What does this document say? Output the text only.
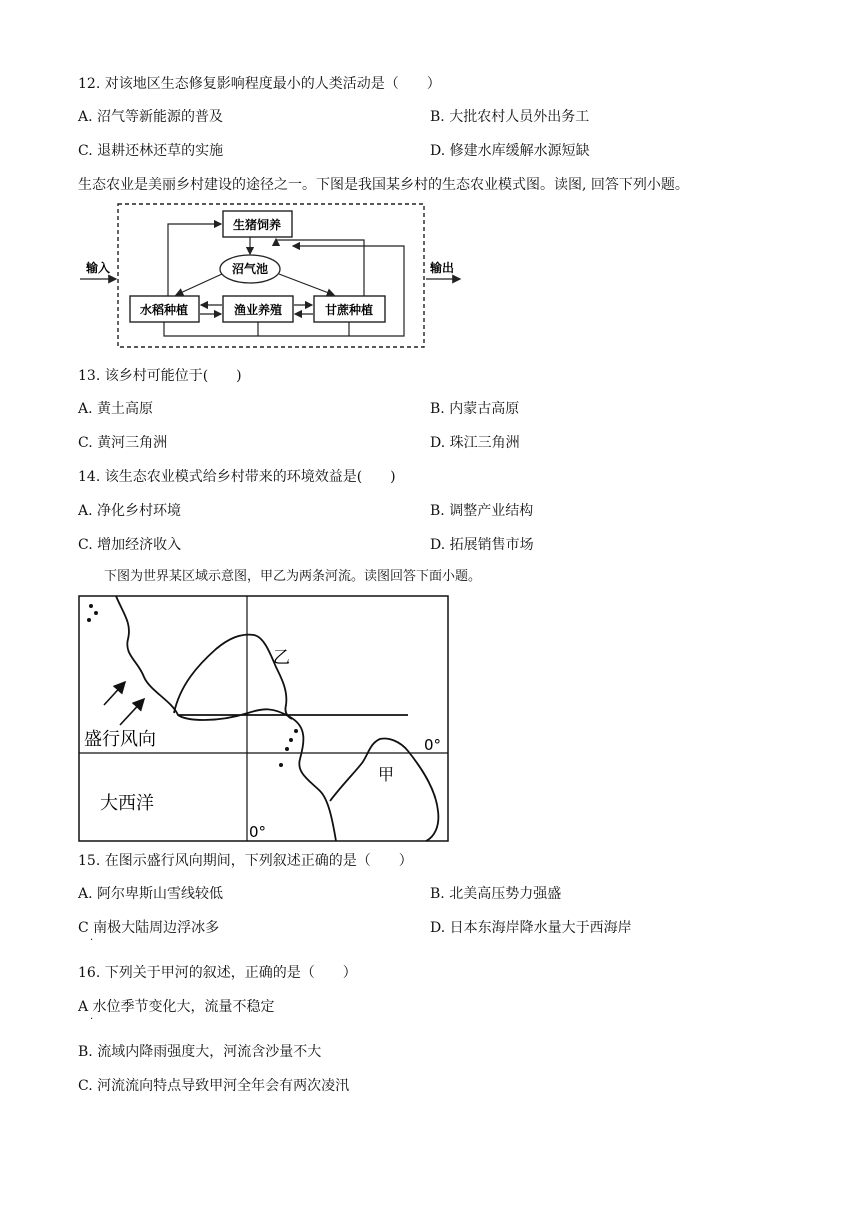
12. 对该地区生态修复影响程度最小的人类活动是（　　）
A. 沼气等新能源的普及	B. 大批农村人员外出务工
C. 退耕还林还草的实施	D. 修建水库缓解水源短缺
生态农业是美丽乡村建设的途径之一。下图是我国某乡村的生态农业模式图。读图, 回答下列小题。
输入	输出
生猪饲养
沼气池
水稻种植	渔业养殖	甘蔗种植
13. 该乡村可能位于(　　)
A. 黄土高原	B. 内蒙古高原
C. 黄河三角洲	D. 珠江三角洲
14. 该生态农业模式给乡村带来的环境效益是(　　)
A. 净化乡村环境	B. 调整产业结构
C. 增加经济收入	D. 拓展销售市场
下图为世界某区域示意图，甲乙为两条河流。读图回答下面小题。
乙
甲
盛行风向
大西洋
0°
0°
15. 在图示盛行风向期间，下列叙述正确的是（　　）
A. 阿尔卑斯山雪线较低	B. 北美高压势力强盛
C 南极大陆周边浮冰多
·
D. 日本东海岸降水量大于西海岸
16. 下列关于甲河的叙述，正确的是（　　）
A 水位季节变化大，流量不稳定
·
B. 流域内降雨强度大，河流含沙量不大
C. 河流流向特点导致甲河全年会有两次凌汛
